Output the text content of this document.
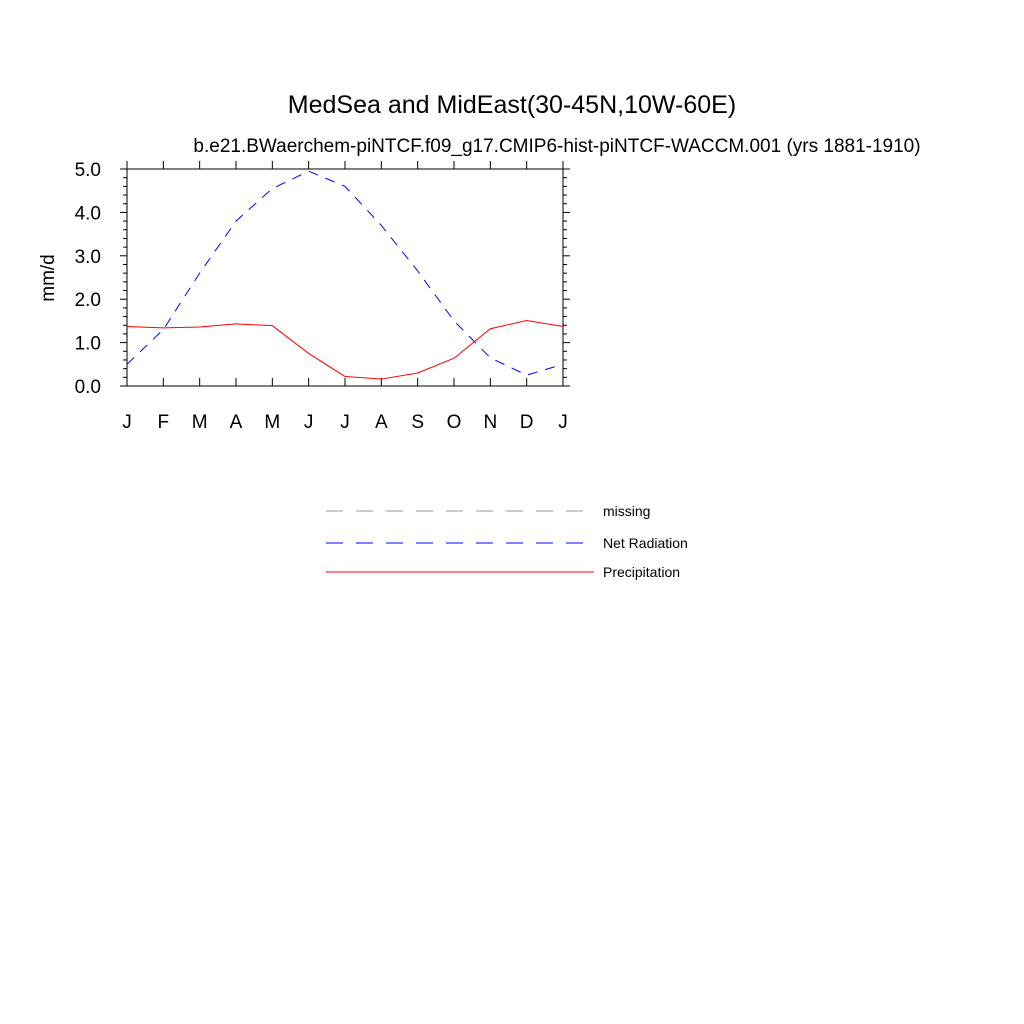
MedSea and MidEast(30-45N,10W-60E)
b.e21.BWaerchem-piNTCF.f09_g17.CMIP6-hist-piNTCF-WACCM.001 (yrs 1881-1910)
mm/d
J F M A M J J A S O N D J
0.0
1.0
2.0
3.0
4.0
5.0
missing
Net Radiation
Precipitation
